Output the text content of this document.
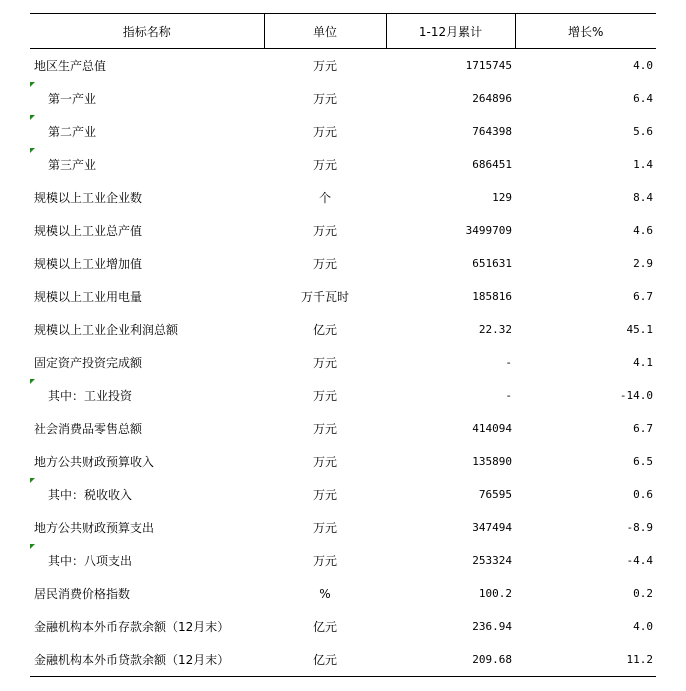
指标名称	单位	1-12月累计	增长%
地区生产总值	万元	1715745	4.0

第一产业	万元	264896	6.4

第二产业	万元	764398	5.6

第三产业	万元	686451	1.4
规模以上工业企业数	个	129	8.4
规模以上工业总产值	万元	3499709	4.6
规模以上工业增加值	万元	651631	2.9
规模以上工业用电量	万千瓦时	185816	6.7
规模以上工业企业利润总额	亿元	22.32	45.1
固定资产投资完成额	万元	-	4.1

其中：工业投资	万元	-	-14.0
社会消费品零售总额	万元	414094	6.7
地方公共财政预算收入	万元	135890	6.5

其中：税收收入	万元	76595	0.6
地方公共财政预算支出	万元	347494	-8.9

其中：八项支出	万元	253324	-4.4
居民消费价格指数	%	100.2	0.2
金融机构本外币存款余额（12月末）	亿元	236.94	4.0
金融机构本外币贷款余额（12月末）	亿元	209.68	11.2
